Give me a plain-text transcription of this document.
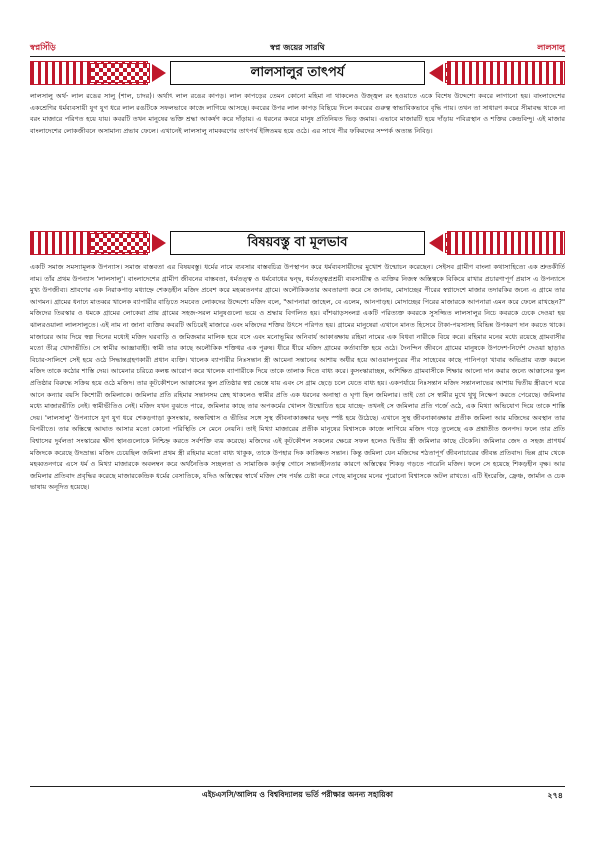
স্বপ্নসিঁড়ি	স্বপ্ন জয়ের সারথি	লালসালু
লালসালুর তাৎপর্য

লালসালু অর্থ- লাল রঙের সালু (শাল, চাদর)। অর্থাৎ লাল রঙের কাপড়। লাল কাপড়ের তেমন কোনো মহিমা না থাকলেও উজ্জ্বল রং হওয়াতে একে বিশেষ উদ্দেশ্যে কবরে লাগানো হয়। বাংলাদেশের একশ্রেণির ধর্মব্যবসায়ী যুগ যুগ ধরে লাল রঙটিকে সফলভাবে কাজে লাগিয়ে আসছে। কবরের উপর লাল কাপড় বিছিয়ে দিলে কবরের গুরুত্ব স্বাভাবিকভাবে বৃদ্ধি পায়। তখন তা সাধারণ কবরে সীমাবদ্ধ থাকে না বরং মাজারে পরিণত হয়ে যায়। কবরটি তখন মানুষের ভক্তি শ্রদ্ধা আকর্ষণ করে দাঁড়ায়। এ ধরনের কবরে মানুষ প্রতিনিয়ত ভিড় জমায়। এভাবে মাজারটি হয়ে দাঁড়ায় পবিত্রস্থান ও শক্তির কেন্দ্রবিন্দু। এই মাজার বাংলাদেশের লোকজীবনে অসামান্য প্রভাব ফেলে। এখানেই লালসালু নামকরণের তাৎপর্য ইঙ্গিতময় হয়ে ওঠে। এর সাথে পীর ফকিরদের সম্পর্ক অত্যন্ত নিবিড়।

বিষয়বস্তু বা মূলভাব

একটি সমাজ সমস্যামূলক উপন্যাস। সমাজ বাস্তবতা এর বিষয়বস্তু। ধর্মের নামে ব্যবসার বাস্তবচিত্র উপস্থাপন করে ধর্মব্যবসায়ীদের মুখোশ উন্মোচন করেছেন। সেইসব গ্রামীণ বাংলা কথাসাহিত্যে এক শ্রুতকীর্তি নাম। তাঁর প্রথম উপন্যাস 'লালসালু'। বাংলাদেশের গ্রামীণ জীবনের বাস্তবতা, ধর্মতত্ত্ব ও ধর্মবোধের দ্বন্দ্ব, ধর্মতত্ত্বপ্রশ্রয়ী ব্যবসায়ীত্ব ও ব্যক্তির নিজস্ব অস্তিত্বকে বিকিয়ে রাখার প্রচারণাপূর্ণ প্রয়াস এ উপন্যাসে মুখ্য উপজীব্য। শ্রাবণের এক নিরাকপাড় মধ্যাহ্নে শেকড়হীন মজিদ প্রবেশ করে মহব্বতনগর গ্রামে। অলৌকিকতার অবতারণা করে সে জানায়, মোদাচ্ছের পীরের স্বপ্নাদেশে মাজার তদারকির জন্যে এ গ্রামে তার আগমন। গ্রামের ধনাঢ্য মাতব্বর খালেক ব্যাপারীর বাড়িতে সমবেত লোকদের উদ্দেশ্যে মজিদ বলে, "আপনারা জাহেল, বে এলেম, আনপাড়হ। মোদাচ্ছের পিরের মাজারকে আপনারা এমন করে ফেলে রাখছেন?" মজিদের তিরস্কার ও ধমকে গ্রামের লোকেরা প্রায় গ্রামের সহজ-সরল মানুষগুলো ভয়ে ও শ্রদ্ধায় বিগলিত হয়। বাঁশঝাড়সংলগ্ন একটি পরিত্যক্ত কবরকে সুসজ্জিত লালসালুর নিচে কবরকে ঢেকে দেওয়া হয় ঝালরওয়ালা লালসালুতে। এই নাম না জানা ব্যক্তির কবরটি অচিরেই মাজারে এবং মজিদের শক্তির উৎসে পরিণত হয়। গ্রামের মানুষেরা এখানে মানত হিসেবে টাকা-পয়সাসহ বিভিন্ন উপকরণ দান করতে থাকে। মাজারের আয় দিয়ে স্বল্প দিনের মধ্যেই মজিদ ঘরবাড়ি ও জমিজমার মালিক হয়ে বসে এবং মনোভূমির অনিবার্য আকাঙ্ক্ষায় রহিমা নামের এক বিধবা নারীকে বিয়ে করে। রহিমার মনের মধ্যে রয়েছে গ্রামবাসীর মতো তীব্র খোদাভীতি। সে স্বামীর আজ্ঞাবাহী। স্বামী তার কাছে অলৌকিক শক্তিধর এক পুরুষ। ধীরে ধীরে মজিদ গ্রামের কর্তাব্যক্তি হয়ে ওঠে। দৈনন্দিন জীবনে গ্রামের মানুষকে উপদেশ-নির্দেশ দেওয়া ছাড়াও বিচার-সালিশে সেই হয়ে ওঠে সিদ্ধান্তগ্রহণকারী প্রধান ব্যক্তি। খালেক ব্যাপারীর নিঃসন্তান স্ত্রী আমেনা সন্তানের আশায় অধীর হয়ে আওয়ালপুরের পীর সাহেবের কাছে পানিপড়া খাবার অভিপ্রায় ব্যক্ত করলে মজিদ তাকে কঠোর শাস্তি দেয়। আমেনার চরিত্রে কলঙ্ক আরোপ করে খালেক ব্যাপারীকে দিয়ে তাকে তালাক দিতে বাধ্য করে। কুসংস্কারাচ্ছন্ন, অশিক্ষিত গ্রামবাসীকে শিক্ষার আলো দান করার জন্যে আক্কাসের স্কুল প্রতিষ্ঠার বিরুদ্ধে সক্রিয় হয়ে ওঠে মজিদ। তার কূটকৌশলে আক্কাসের স্কুল প্রতিষ্ঠার স্বপ্ন ভেস্তে যায় এবং সে গ্রাম ছেড়ে চলে যেতে বাধ্য হয়। একপর্যায়ে নিঃসন্তান মজিদ সন্তানলাভের আশায় দ্বিতীয় স্ত্রীরূপে ঘরে আনে কন্যার বয়সি কিশোরী জমিলাকে। জমিলার প্রতি রহিমার সন্তানসম স্নেহ থাকলেও স্বামীর প্রতি এক ধরনের অনাস্থা ও ঘৃণা ছিল জমিলার। তাই তো সে স্বামীর মুখে থুথু নিক্ষেপ করতে পেরেছে। জমিলার মধ্যে মাজারভীতি নেই। স্বামীভীতিও নেই। মজিদ যখন বুঝতে পারে, জমিলার কাছে তার অপকর্মের খোলস উন্মোচিত হয়ে যাচ্ছে- তখনই সে জমিলার প্রতি গর্জে ওঠে, এক মিথ্যা অভিযোগ দিয়ে তাকে শাস্তি দেয়। 'লালসালু' উপন্যাসে যুগ যুগ ধরে শেকড়গাড়া কুসংস্কার, অন্ধবিশ্বাস ও ভীতির সঙ্গে সুস্থ জীবনাকাঙ্ক্ষার দ্বন্দ্ব স্পষ্ট হয়ে উঠেছে। এখানে সুস্থ জীবনাকাঙ্ক্ষার প্রতীক জমিলা আর মজিদের অবস্থান তার বিপরীতে। তার অস্তিত্বে আঘাত আসার মতো কোনো পরিস্থিতি সে মেনে নেয়নি। তাই মিথ্যা মাজারের প্রতীক মানুষের বিশ্বাসকে কাজে লাগিয়ে মজিদ গড়ে তুলেছে এক প্রশ্নাতীত জনপদ। ফলে তার প্রতি বিশ্বাসের দুর্বলতা সংস্কারের ক্ষীণ স্থানগুলোকে নিশ্চিহ্ন করতে সর্বশক্তি ব্যয় করেছে। মজিদের এই কূটকৌশল সকলের ক্ষেত্রে সফল হলেও দ্বিতীয় স্ত্রী জমিলার কাছে টেকেনি। জমিলার জেদ ও সহজ প্রাণধর্ম মজিদকে করেছে উদভ্রান্ত। মজিদ চেয়েছিল জমিলা প্রথম স্ত্রী রহিমার মতো বাধ্য থাকুক, তাকে উপহার দিক কাঙ্ক্ষিত সন্তান। কিন্তু জমিলা যেন মজিদের শঠতাপূর্ণ জীবনাচারের জীবন্ত প্রতিবাদ। ভিন্ন গ্রাম থেকে মহব্বতনগরে এসে ধর্ম ও মিথ্যা মাজারকে অবলম্বন করে অর্থনৈতিক সচ্ছলতা ও সামাজিক কর্তৃত্ব গোনে সন্তানহীনতার কারণে অস্তিত্বের শিকড় গড়তে পারেনি মজিদ। ফলে সে হয়েছে শিকড়হীন বৃক্ষ। আর জমিলার প্রতিবাদ প্রবৃদ্ধির করেছে মাজারকেন্দ্রিক ধর্মের বেসাতিকে, যদিও অস্তিত্বের স্বার্থে মজিদ শেষ পর্যন্ত চেষ্টা করে গেছে মানুষের মনের পুরোনো বিশ্বাসকে অটল রাখতে। এটি ইংরেজি, ফ্রেঞ্চ, জার্মান ও চেক ভাষায় অনূদিত হয়েছে।

এইচএসসি/আলিম ও বিশ্ববিদ্যালয় ভর্তি পরীক্ষার অনন্য সহায়িকা	২৭৪
